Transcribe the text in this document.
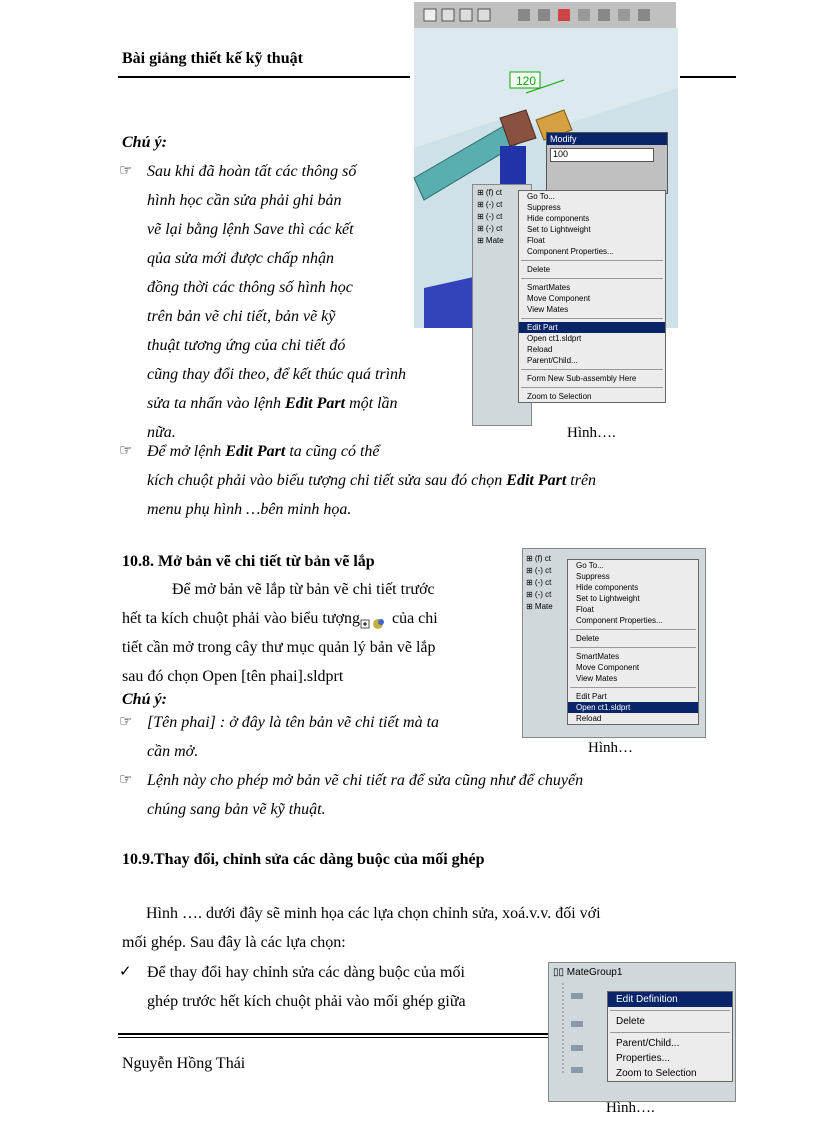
Bài giảng thiết kế kỹ thuật
120
Modify
100
⊞ (f) ct
⊞ (-) ct
⊞ (-) ct
⊞ (-) ct
⊞ Mate
Go To...
Suppress
Hide components
Set to Lightweight
Float
Component Properties...
Delete
SmartMates
Move Component
View Mates
Edit Part
Open ct1.sldprt
Reload
Parent/Child...
Form New Sub-assembly Here
Zoom to Selection
Hình….
Chú ý:
☞ Sau khi đã hoàn tất các thông số
hình học cần sửa phải ghi bản
vẽ lại bằng lệnh Save thì các kết
qủa sửa mới được chấp nhận
đồng thời các thông số hình học
trên bản vẽ chi tiết, bản vẽ kỹ
thuật tương ứng của chi tiết đó
cũng thay đổi theo, để kết thúc quá trình
sửa ta nhấn vào lệnh Edit Part một lần
nữa.
☞ Để mở lệnh Edit Part ta cũng có thể
kích chuột phải vào biểu tượng chi tiết sửa sau đó chọn Edit Part trên
menu phụ hình …bên minh họa.
10.8. Mở bản vẽ chi tiết từ bản vẽ lắp
Để mở bản vẽ lắp từ bản vẽ chi tiết trước
hết ta kích chuột phải vào biểu tượng của chi
tiết cần mở trong cây thư mục quản lý bản vẽ lắp
sau đó chọn Open [tên phai].sldprt
Chú ý:
☞ [Tên phai] : ở đây là tên bản vẽ chi tiết mà ta
cần mở.
☞ Lệnh này cho phép mở bản vẽ chi tiết ra để sửa cũng như để chuyển
chúng sang bản vẽ kỹ thuật.
⊞ (f) ct
⊞ (-) ct
⊞ (-) ct
⊞ (-) ct
⊞ Mate
Go To...
Suppress
Hide components
Set to Lightweight
Float
Component Properties...
Delete
SmartMates
Move Component
View Mates
Edit Part
Open ct1.sldprt
Reload
Hình…
10.9.Thay đổi, chỉnh sửa các dàng buộc của mối ghép
Hình …. dưới đây sẽ minh họa các lựa chọn chỉnh sửa, xoá.v.v. đối với
mối ghép. Sau đây là các lựa chọn:
✓ Để thay đổi hay chỉnh sửa các dàng buộc của mối
ghép trước hết kích chuột phải vào mối ghép giữa
▯▯ MateGroup1
Edit Definition
Delete
Parent/Child...
Properties...
Zoom to Selection
Hình….
Nguyễn Hồng Thái
